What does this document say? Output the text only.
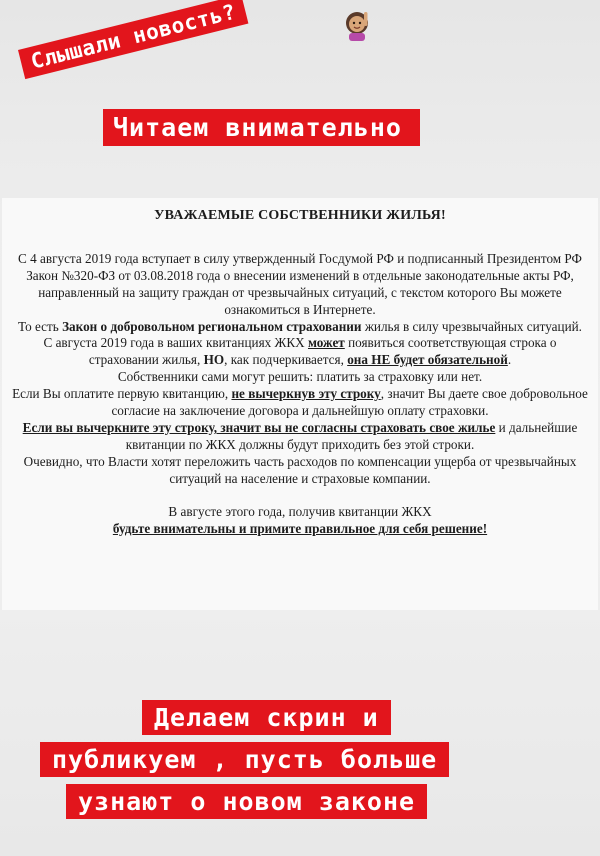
Слышали новость?
Читаем внимательно
УВАЖАЕМЫЕ СОБСТВЕННИКИ ЖИЛЬЯ!

С 4 августа 2019 года вступает в силу утвержденный Госдумой РФ и подписанный Президентом РФ Закон №320-ФЗ от 03.08.2018 года о внесении изменений в отдельные законодательные акты РФ, направленный на защиту граждан от чрезвычайных ситуаций, с текстом которого Вы можете ознакомиться в Интернете.

То есть Закон о добровольном региональном страховании жилья в силу чрезвычайных ситуаций.

С августа 2019 года в ваших квитанциях ЖКХ может появиться соответствующая строка о страховании жилья, НО, как подчеркивается, она НЕ будет обязательной.

Собственники сами могут решить: платить за страховку или нет.

Если Вы оплатите первую квитанцию, не вычеркнув эту строку, значит Вы даете свое добровольное согласие на заключение договора и дальнейшую оплату страховки.

Если вы вычеркните эту строку, значит вы не согласны страховать свое жилье и дальнейшие квитанции по ЖКХ должны будут приходить без этой строки.

Очевидно, что Власти хотят переложить часть расходов по компенсации ущерба от чрезвычайных ситуаций на население и страховые компании.

В августе этого года, получив квитанции ЖКХ

будьте внимательны и примите правильное для себя решение!

Делаем скрин и
публикуем , пусть больше
узнают о новом законе
